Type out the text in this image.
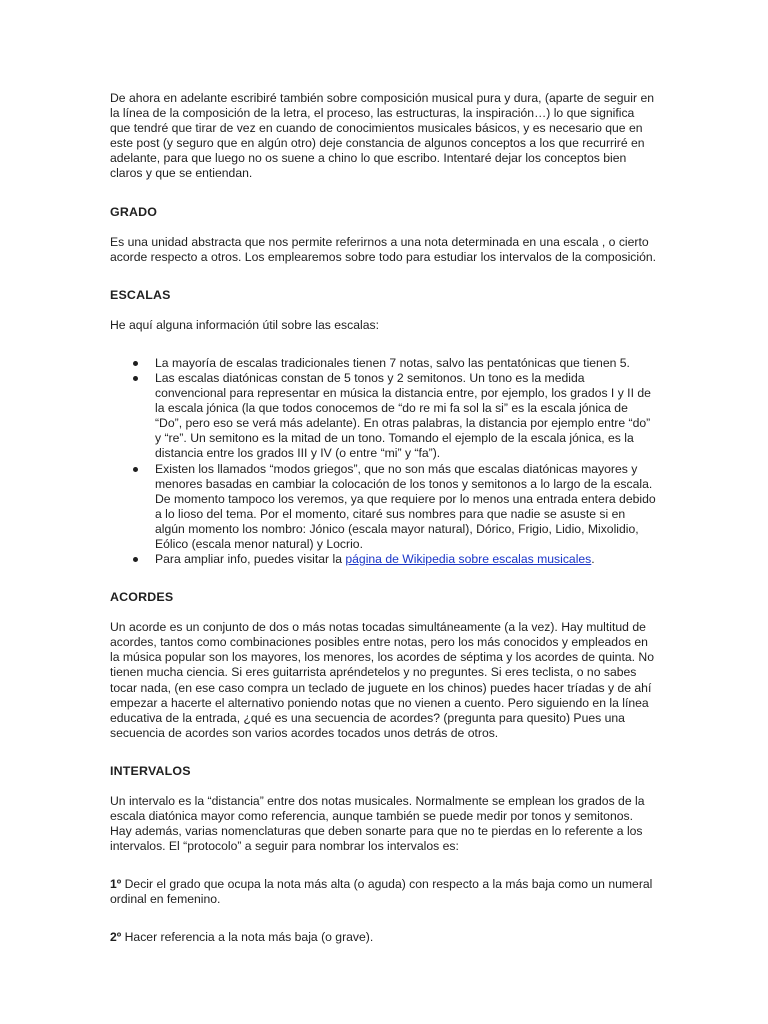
De ahora en adelante escribiré también sobre composición musical pura y dura, (aparte de seguir en la línea de la composición de la letra, el proceso, las estructuras, la inspiración…) lo que significa que tendré que tirar de vez en cuando de conocimientos musicales básicos, y es necesario que en este post (y seguro que en algún otro) deje constancia de algunos conceptos a los que recurriré en adelante, para que luego no os suene a chino lo que escribo. Intentaré dejar los conceptos bien claros y que se entiendan.

GRADO

Es una unidad abstracta que nos permite referirnos a una nota determinada en una escala , o cierto acorde respecto a otros. Los emplearemos sobre todo para estudiar los intervalos de la composición.

ESCALAS

He aquí alguna información útil sobre las escalas:

La mayoría de escalas tradicionales tienen 7 notas, salvo las pentatónicas que tienen 5.
Las escalas diatónicas constan de 5 tonos y 2 semitonos. Un tono es la medida convencional para representar en música la distancia entre, por ejemplo, los grados I y II de la escala jónica (la que todos conocemos de “do re mi fa sol la si” es la escala jónica de “Do”, pero eso se verá más adelante). En otras palabras, la distancia por ejemplo entre “do” y “re”. Un semitono es la mitad de un tono. Tomando el ejemplo de la escala jónica, es la distancia entre los grados III y IV (o entre “mi” y “fa”).
Existen los llamados “modos griegos”, que no son más que escalas diatónicas mayores y menores basadas en cambiar la colocación de los tonos y semitonos a lo largo de la escala. De momento tampoco los veremos, ya que requiere por lo menos una entrada entera debido a lo lioso del tema. Por el momento, citaré sus nombres para que nadie se asuste si en algún momento los nombro: Jónico (escala mayor natural), Dórico, Frigio, Lidio, Mixolidio, Eólico (escala menor natural) y Locrio.
Para ampliar info, puedes visitar la página de Wikipedia sobre escalas musicales.
ACORDES

Un acorde es un conjunto de dos o más notas tocadas simultáneamente (a la vez). Hay multitud de acordes, tantos como combinaciones posibles entre notas, pero los más conocidos y empleados en la música popular son los mayores, los menores, los acordes de séptima y los acordes de quinta. No tienen mucha ciencia. Si eres guitarrista apréndetelos y no preguntes. Si eres teclista, o no sabes tocar nada, (en ese caso compra un teclado de juguete en los chinos) puedes hacer tríadas y de ahí empezar a hacerte el alternativo poniendo notas que no vienen a cuento. Pero siguiendo en la línea educativa de la entrada, ¿qué es una secuencia de acordes? (pregunta para quesito) Pues una secuencia de acordes son varios acordes tocados unos detrás de otros.

INTERVALOS

Un intervalo es la “distancia” entre dos notas musicales. Normalmente se emplean los grados de la escala diatónica mayor como referencia, aunque también se puede medir por tonos y semitonos. Hay además, varias nomenclaturas que deben sonarte para que no te pierdas en lo referente a los intervalos. El “protocolo” a seguir para nombrar los intervalos es:

1º Decir el grado que ocupa la nota más alta (o aguda) con respecto a la más baja como un numeral ordinal en femenino.

2º Hacer referencia a la nota más baja (o grave).
